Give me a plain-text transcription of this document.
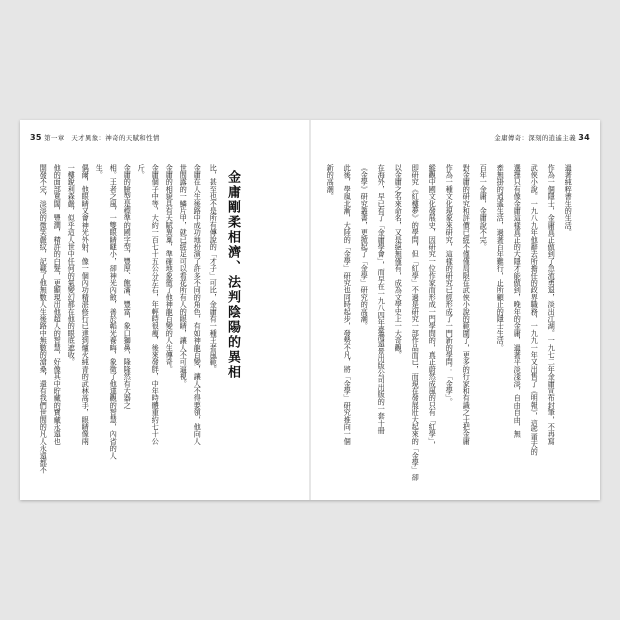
35 第一章　天才異象：神奇的天賦和性情	金庸傳奇：深刻的逍遙主義 34
金庸剛柔相濟、法判陰陽的異相
比，甚至也不是所有傳說的「才子」可比，金庸有一種王者風範。
金庸在人生後路中成功地扮演了許多不同的角色，有如神龍百變，讓人不得要領，他向人
世間露的一鱗片甲，就已經足可以看花所有人的眼睛，讓人不可逼視。
金庸的相貌具有天賦異稟，準確地象徵了他神龍百變的人生傳奇。
金庸個子中等，大約一百七十五公分左右，年輕時很瘦，後來發胖，中年時體重約七十公
斤。
金庸的臉型是標準的國字型，豐厚、飽滿、豐富，象口獅鼻，隆隆然有大器之
相。王者之風，一雙眼睛瞇小，卻神光內斂，善於韜光養晦，象徵了他達觀的智慧，內省的人
生。
偶爾，他眼睛又會神光外射，像一個內功精湛修行已達到爐火純青的武林高手，眼睛像兩
一樓銳利森嚴，似乎這人世中任何的氣變幻都在他的眼底遮收。
他的面部寬闊，豐潤，精許的白髮，更顯現出他超人的智慧，好像其中貯藏的寶藏永遠也
開發不完，淡淡的微笑嚴紋，記載了他無數人生後路中無數的滄桑，還有我們世間的凡人永遠都不	過著純粹書生的生活。
作為一個隱士，金庸真正做到了急流勇退，淡出江湖。一九七二年金庸宣布封筆，不再寫
武俠小說。一九八九年他辭去所擔任的政界職務，一九九一年又出售了《明報》，這些重大的
選擇只有像金庸這樣真正的大隱才能做到，晚年的金庸，過著平淡淺淡，自由自由，無
牽無掛的逍遙生活，過著百年難行，止所顧止的隱士生活。
百年一金庸，金庸說不完。
對金庸的研究和評價已經不僅僅局限在武俠小說的範圍了，更多的行家和有識之士把金庸
作為一種文化現象來研究，這樣的研究已經形成了一門新的學問：「金學」。
縱觀中國文化發展史，因研究一位作家而形成一門學問的，真正蔚然成風的只有「紅學」，
即研究《紅樓夢》的學問，但「紅學」不過是研究一部作品而已，而現在發展壯大起來的「金學」卻
以金庸之名來命名，又是絕無僅有，成為文學史上一大奇觀。
在海外，早已有了「金庸學會」，而早在一九八四年臺灣遠景出版公司出版的一套十冊
《金學》研究叢書，更掀起了「金學」研究的高潮。
此後，學風北漸，大陸的「金學」研究也同時起步，發勢不凡，將「金學」研究推向一個
新的高潮。
